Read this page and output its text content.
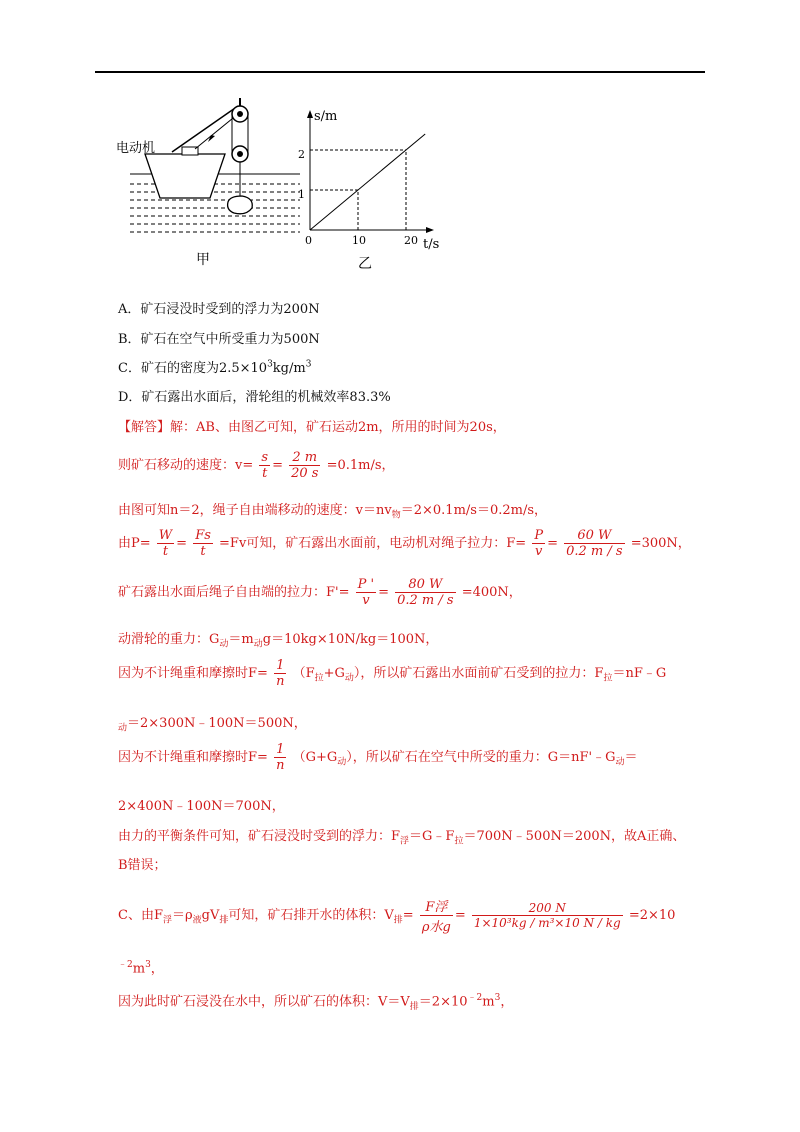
s/m
t/s
1
2
0	10	20
电动机
甲	乙
A．矿石浸没时受到的浮力为200N
B．矿石在空气中所受重力为500N
C．矿石的密度为$2.5\times 10^3kg/m^3$
D．矿石露出水面后，滑轮组的机械效率83.3%
【解答】解：AB、由图乙可知，矿石运动2m，所用的时间为20s，
则矿石移动的速度：$v= \frac{s}{t} = \frac{2 m}{20 s} =0.1m/s$，
由图可知n＝2，绳子自由端移动的速度：$v=nv_物=2\times 0.1m/s=0.2m/s$，
由$P= \frac{W}{t} = \frac{Fs}{t} =Fv$可知，矿石露出水面前，电动机对绳子拉力：$F= \frac{P}{v} = \frac{60 W}{0.2 m / s} =300N$，
矿石露出水面后绳子自由端的拉力：$F'= \frac{P '}{v} = \frac{80 W}{0.2 m / s} =400N$，
动滑轮的重力：$G_动=m_动g=10kg\times 10N/kg=100N$，
因为不计绳重和摩擦时$F= \frac{1}{n} (F_拉+G_动)$，所以矿石露出水面前矿石受到的拉力：$F_拉=nF﹣G$
$_动$＝2×300N﹣100N＝500N，
因为不计绳重和摩擦时$F= \frac{1}{n} (G+G_动)$，所以矿石在空气中所受的重力：$G=nF'﹣G_动=$
2×400N﹣100N＝700N，
由力的平衡条件可知，矿石浸没时受到的浮力：$F_浮=G﹣F_拉=700N﹣500N=200N$，故A正确、
B错误；
C、由$F_浮=\rho_液gV_排$可知，矿石排开水的体积：$V_排= \frac{\text{F浮}}{\text{ρ水g}} = \frac{200 N}{\text{1×10³kg / m³×10 N / kg}} =2\times 10$
$^{﹣2}m^3$，
因为此时矿石浸没在水中，所以矿石的体积：$V=V_排=2\times 10^{﹣2}m^3$，
